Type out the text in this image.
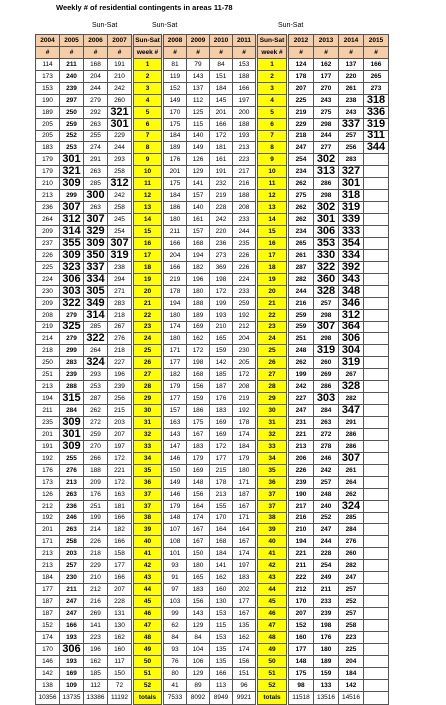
Weekly # of residential contingents in areas 11-78
Sun-Sat	Sun-Sat	Sun-Sat
2004	2005	2006	2007		Sun-Sat		2008	2009	2010	2011		Sun-Sat		2012	2013	2014	2015
#	#	#	#		week #		#	#	#	#		week #		#	#	#	#
114	211	168	191		1		81	79	84	153		1		124	162	137	166
173	240	204	210		2		119	143	151	188		2		178	177	220	265
153	239	244	242		3		152	137	184	166		3		207	270	261	273
190	297	279	260		4		149	112	145	197		4		225	243	238	318
189	250	292	321		5		170	125	201	200		5		219	275	243	336
205	259	263	301		6		175	115	166	188		6		229	298	337	319
205	252	255	229		7		184	140	172	193		7		218	244	257	311
183	253	274	244		8		189	149	181	213		8		247	277	256	344
179	301	291	293		9		176	126	161	223		9		254	302	283	
179	321	263	258		10		201	129	191	217		10		234	313	327	
210	309	285	312		11		175	141	232	216		11		262	286	301	
213	299	300	242		12		184	157	219	188		12		275	298	318	
236	307	263	258		13		186	140	228	208		13		262	302	319	
264	312	307	245		14		180	161	242	233		14		262	301	339	
209	314	329	254		15		211	157	220	244		15		234	306	333	
237	355	309	307		16		166	168	236	235		16		265	353	354	
226	309	350	319		17		204	194	273	226		17		261	330	334	
225	323	337	238		18		166	182	369	226		18		287	322	392	
224	306	334	294		19		219	196	198	224		19		282	360	343	
230	303	305	271		20		178	180	172	233		20		244	328	348	
209	322	349	283		21		194	188	199	259		21		216	257	346	
208	279	314	218		22		180	189	193	192		22		259	298	312	
219	325	285	267		23		174	169	210	212		23		259	307	364	
214	279	322	276		24		180	162	165	204		24		251	298	306	
218	299	264	218		25		171	172	159	230		25		248	319	304	
250	283	324	227		26		177	198	142	205		26		262	260	319	
251	239	293	196		27		182	168	185	172		27		199	269	267	
213	288	253	239		28		179	156	187	208		28		242	286	328	
194	315	287	256		29		177	159	176	219		29		227	303	282	
211	284	262	215		30		157	186	183	192		30		247	284	347	
235	309	272	203		31		163	175	169	178		31		231	263	291	
201	301	259	207		32		143	167	169	174		32		221	272	286	
191	309	270	197		33		147	183	172	184		33		213	278	286	
192	255	266	172		34		146	179	177	179		34		206	246	307	
176	276	188	221		35		150	169	215	180		35		226	242	261	
173	213	209	172		36		149	148	178	171		36		239	257	264	
126	263	176	163		37		146	156	213	187		37		190	248	262	
212	236	251	181		37		179	164	155	167		37		217	240	324	
192	246	199	166		38		148	174	170	171		38		216	252	285	
201	263	214	182		39		107	167	164	164		39		210	247	284	
171	258	226	166		40		108	167	168	167		40		194	244	276	
213	203	218	158		41		101	150	184	174		41		221	228	260	
213	257	229	177		42		93	180	141	197		42		211	254	282	
184	230	210	166		43		91	165	162	183		43		222	249	247	
177	211	212	207		44		97	183	160	202		44		212	211	257	
187	247	216	228		45		103	156	130	177		45		170	233	252	
187	247	269	131		46		99	143	153	167		46		207	239	257	
152	166	141	130		47		62	129	115	135		47		152	198	258	
174	193	223	162		48		84	84	153	162		48		160	176	223	
170	306	196	160		49		93	104	135	174		49		177	180	225	
146	193	162	117		50		76	106	135	156		50		148	189	204	
142	169	185	150		51		80	129	166	151		51		175	159	184	
138	109	112	72		52		41	89	113	96		52		98	133	142	
10356	13735	13386	11192		totals		7533	8092	8949	9921		totals		11518	13516	14516	
